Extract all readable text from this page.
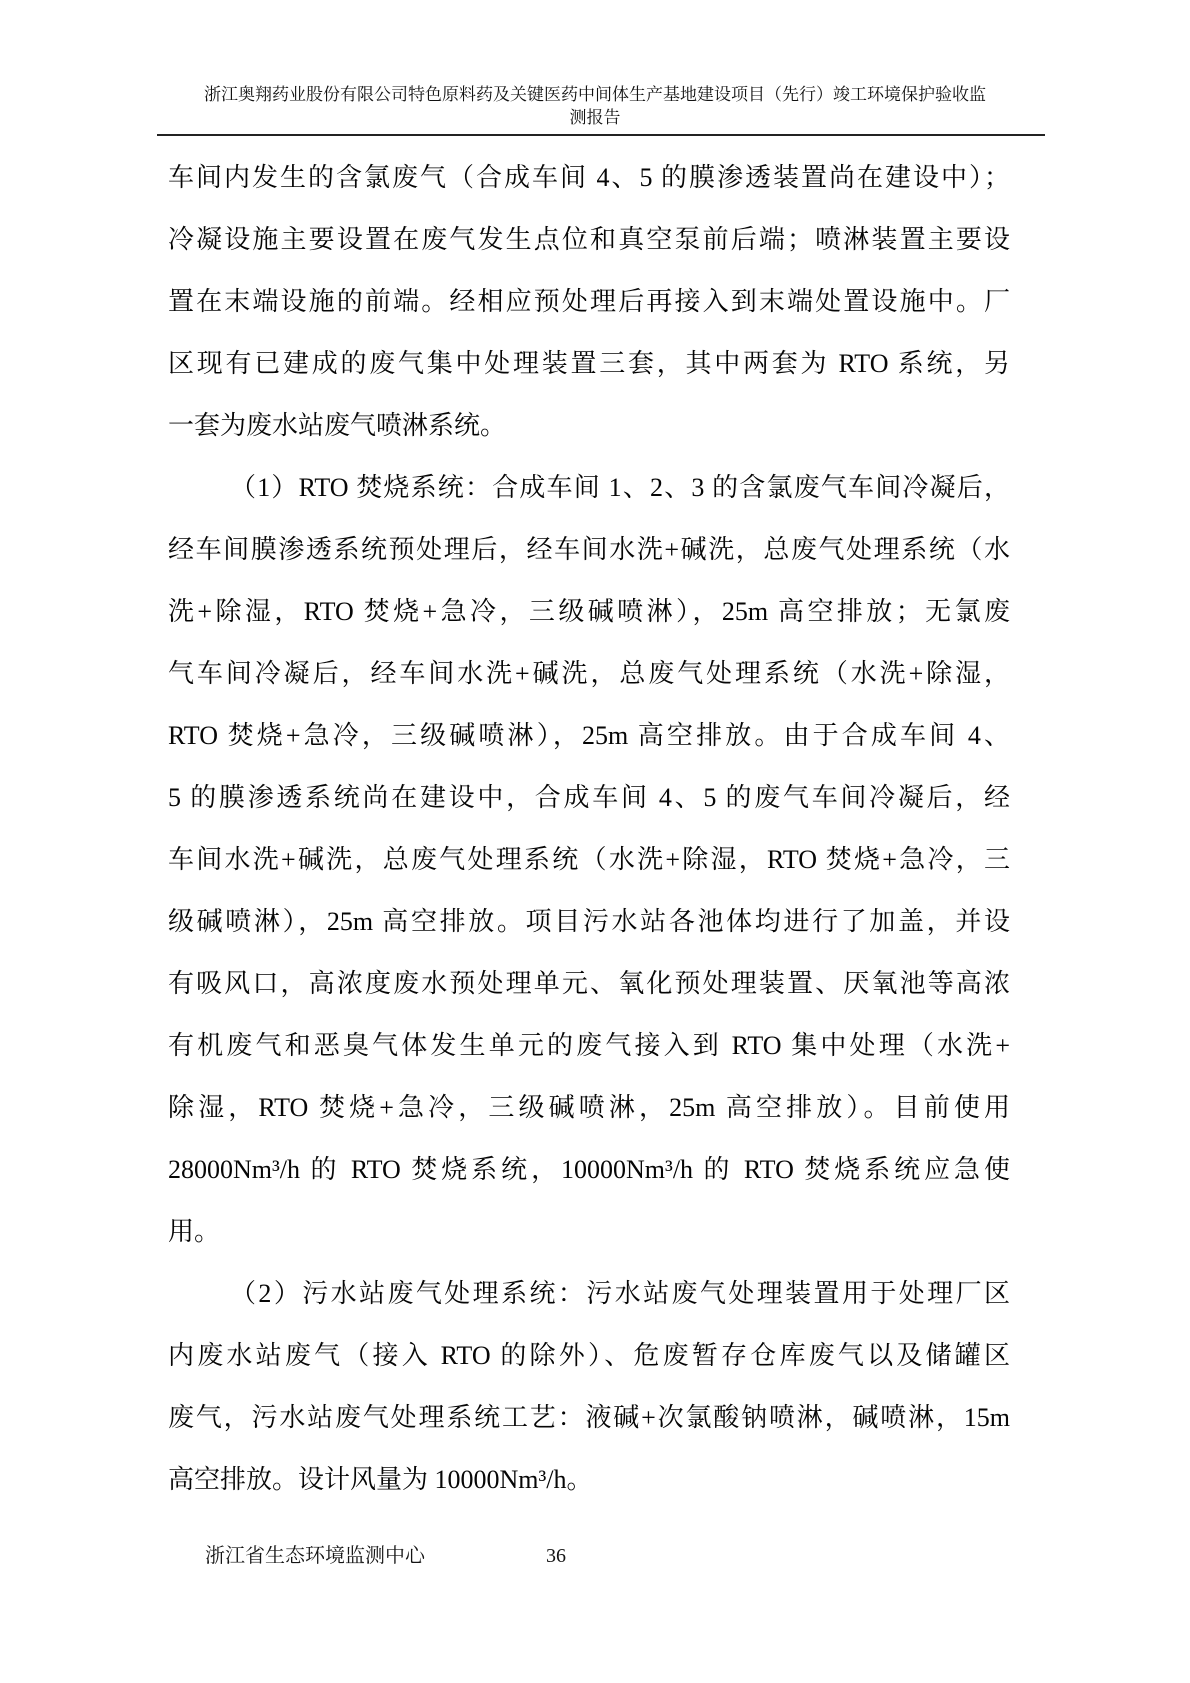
浙江奥翔药业股份有限公司特色原料药及关键医药中间体生产基地建设项目（先行）竣工环境保护验收监
测报告
车间内发生的含氯废气（合成车间 4、5 的膜渗透装置尚在建设中）；
冷凝设施主要设置在废气发生点位和真空泵前后端；喷淋装置主要设
置在末端设施的前端。经相应预处理后再接入到末端处置设施中。厂
区现有已建成的废气集中处理装置三套，其中两套为 RTO 系统，另
一套为废水站废气喷淋系统。
（1）RTO 焚烧系统：合成车间 1、2、3 的含氯废气车间冷凝后，
经车间膜渗透系统预处理后，经车间水洗+碱洗，总废气处理系统（水
洗+除湿，RTO 焚烧+急冷，三级碱喷淋），25m 高空排放；无氯废
气车间冷凝后，经车间水洗+碱洗，总废气处理系统（水洗+除湿，
RTO 焚烧+急冷，三级碱喷淋），25m 高空排放。由于合成车间 4、
5 的膜渗透系统尚在建设中，合成车间 4、5 的废气车间冷凝后，经
车间水洗+碱洗，总废气处理系统（水洗+除湿，RTO 焚烧+急冷，三
级碱喷淋），25m 高空排放。项目污水站各池体均进行了加盖，并设
有吸风口，高浓度废水预处理单元、氧化预处理装置、厌氧池等高浓
有机废气和恶臭气体发生单元的废气接入到 RTO 集中处理（水洗+
除湿，RTO 焚烧+急冷，三级碱喷淋，25m 高空排放）。目前使用
28000Nm³/h 的 RTO 焚烧系统，10000Nm³/h 的 RTO 焚烧系统应急使
用。
（2）污水站废气处理系统：污水站废气处理装置用于处理厂区
内废水站废气（接入 RTO 的除外）、危废暂存仓库废气以及储罐区
废气，污水站废气处理系统工艺：液碱+次氯酸钠喷淋，碱喷淋，15m
高空排放。设计风量为 10000Nm³/h。
浙江省生态环境监测中心	36
